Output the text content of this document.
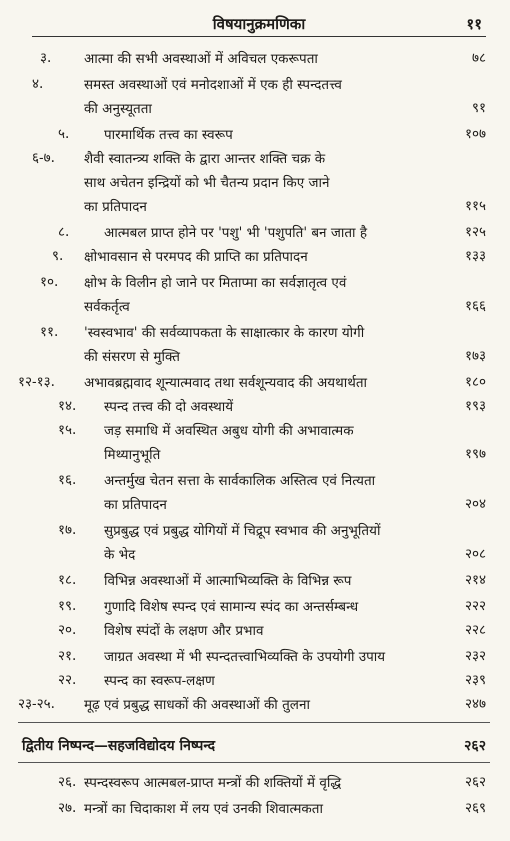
विषयानुक्रमणिका	११
३. आत्मा की सभी अवस्थाओं में अविचल एकरूपता	७८
४.	समस्त अवस्थाओं एवं मनोदशाओं में एक ही स्पन्दतत्त्व
की अनुस्यूतता	९१
५.	पारमार्थिक तत्त्व का स्वरूप	१०७
६-७. शैवी स्वातन्त्र्य शक्ति के द्वारा आन्तर शक्ति चक्र के
साथ अचेतन इन्द्रियों को भी चैतन्य प्रदान किए जाने
का प्रतिपादन	११५
८.	आत्मबल प्राप्त होने पर 'पशु' भी 'पशुपति' बन जाता है	१२५
९. क्षोभावसान से परमपद की प्राप्ति का प्रतिपादन	१३३
१०. क्षोभ के विलीन हो जाने पर मिताप्मा का सर्वज्ञातृत्व एवं
सर्वकर्तृत्व	१६६
११. 'स्वस्वभाव' की सर्वव्यापकता के साक्षात्कार के कारण योगी
की संसरण से मुक्ति	१७३
१२-१३. अभावब्रह्मवाद शून्यात्मवाद तथा सर्वशून्यवाद की अयथार्थता	१८०
१४. स्पन्द तत्त्व की दो अवस्थायें	१९३
१५. जड़ समाधि में अवस्थित अबुध योगी की अभावात्मक
मिथ्यानुभूति	१९७
१६. अन्तर्मुख चेतन सत्ता के सार्वकालिक अस्तित्व एवं नित्यता
का प्रतिपादन	२०४
१७. सुप्रबुद्ध एवं प्रबुद्ध योगियों में चिद्रूप स्वभाव की अनुभूतियों
के भेद	२०८
१८. विभिन्न अवस्थाओं में आत्माभिव्यक्ति के विभिन्न रूप	२१४
१९. गुणादि विशेष स्पन्द एवं सामान्य स्पंद का अन्तर्सम्बन्ध	२२२
२०. विशेष स्पंदों के लक्षण और प्रभाव	२२८
२१. जाग्रत अवस्था में भी स्पन्दतत्त्वाभिव्यक्ति के उपयोगी उपाय	२३२
२२. स्पन्द का स्वरूप-लक्षण	२३९
२३-२५. मूढ़ एवं प्रबुद्ध साधकों की अवस्थाओं की तुलना	२४७
द्वितीय निष्पन्द—सहजविद्योदय निष्पन्द	२६२
२६. स्पन्दस्वरूप आत्मबल-प्राप्त मन्त्रों की शक्तियों में वृद्धि	२६२
२७. मन्त्रों का चिदाकाश में लय एवं उनकी शिवात्मकता	२६९
